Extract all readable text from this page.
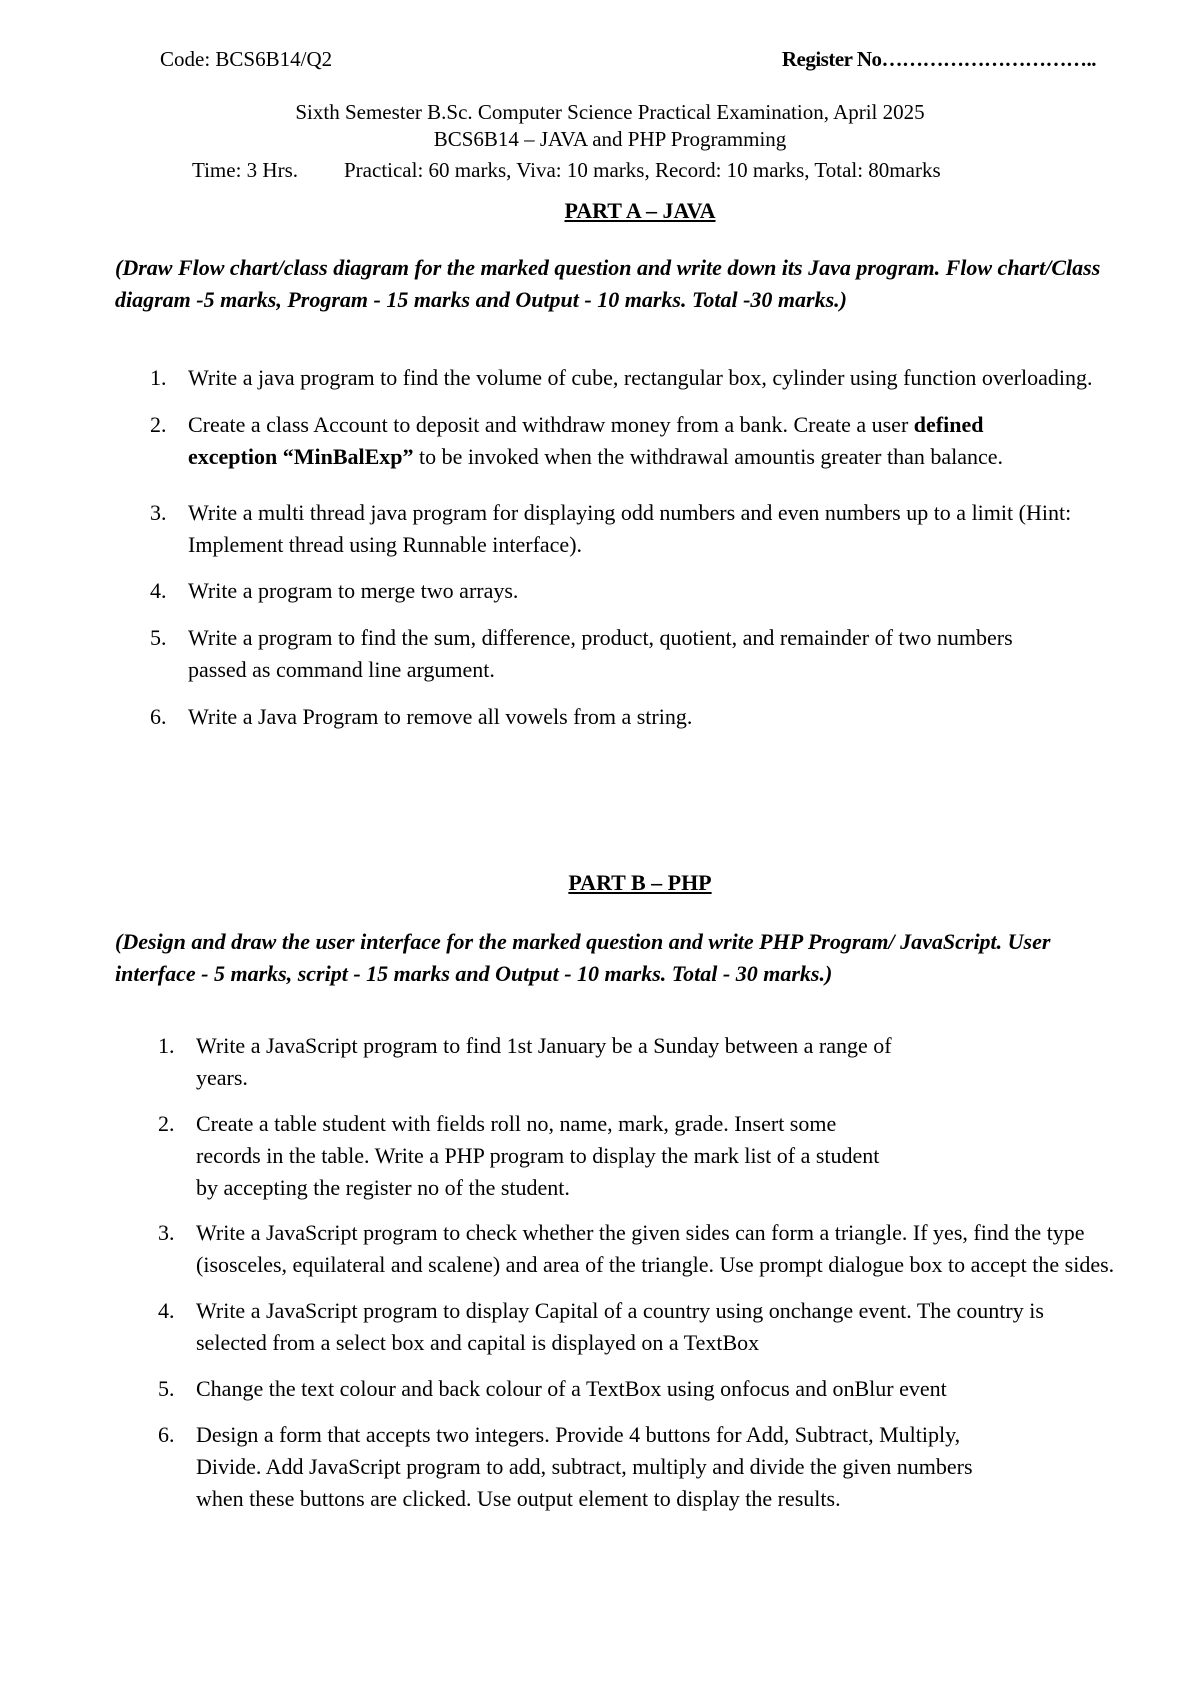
Code: BCS6B14/Q2	Register No…………………………..
Sixth Semester B.Sc. Computer Science Practical Examination, April 2025
BCS6B14 – JAVA and PHP Programming
Time: 3 Hrs.	Practical: 60 marks, Viva: 10 marks, Record: 10 marks, Total: 80marks
PART A – JAVA
(Draw Flow chart/class diagram for the marked question and write down its Java program. Flow chart/Class diagram -5 marks, Program - 15 marks and Output - 10 marks. Total -30 marks.)
1. Write a java program to find the volume of cube, rectangular box, cylinder using function overloading.
2. Create a class Account to deposit and withdraw money from a bank. Create a user defined exception “MinBalExp” to be invoked when the withdrawal amountis greater than balance.
3. Write a multi thread java program for displaying odd numbers and even numbers up to a limit (Hint: Implement thread using Runnable interface).
4. Write a program to merge two arrays.
5. Write a program to find the sum, difference, product, quotient, and remainder of two numbers passed as command line argument.
6. Write a Java Program to remove all vowels from a string.
PART B – PHP
(Design and draw the user interface for the marked question and write PHP Program/ JavaScript. User interface - 5 marks, script - 15 marks and Output - 10 marks. Total - 30 marks.)
1. Write a JavaScript program to find 1st January be a Sunday between a range of years.
2. Create a table student with fields roll no, name, mark, grade. Insert some records in the table. Write a PHP program to display the mark list of a student by accepting the register no of the student.
3. Write a JavaScript program to check whether the given sides can form a triangle. If yes, find the type (isosceles, equilateral and scalene) and area of the triangle. Use prompt dialogue box to accept the sides.
4. Write a JavaScript program to display Capital of a country using onchange event. The country is selected from a select box and capital is displayed on a TextBox
5. Change the text colour and back colour of a TextBox using onfocus and onBlur event
6. Design a form that accepts two integers. Provide 4 buttons for Add, Subtract, Multiply, Divide. Add JavaScript program to add, subtract, multiply and divide the given numbers when these buttons are clicked. Use output element to display the results.
